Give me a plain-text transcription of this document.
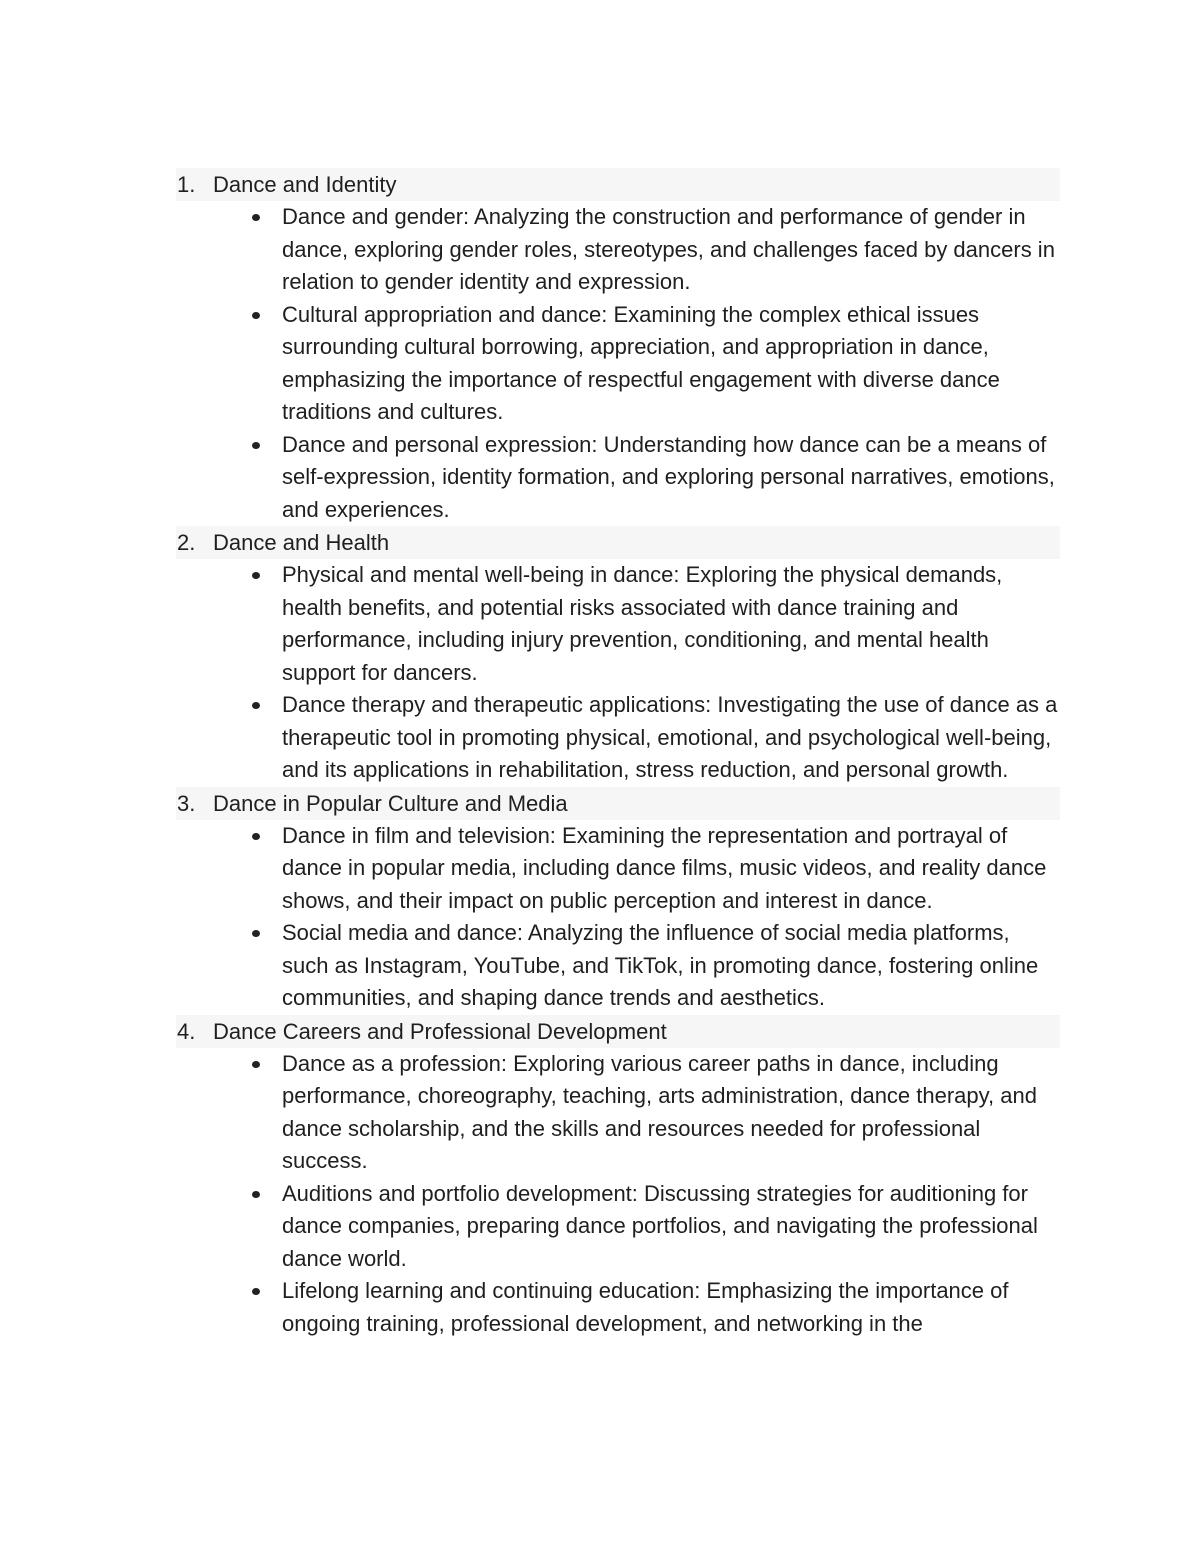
1. Dance and Identity
Dance and gender: Analyzing the construction and performance of gender in dance, exploring gender roles, stereotypes, and challenges faced by dancers in relation to gender identity and expression.
Cultural appropriation and dance: Examining the complex ethical issues surrounding cultural borrowing, appreciation, and appropriation in dance, emphasizing the importance of respectful engagement with diverse dance traditions and cultures.
Dance and personal expression: Understanding how dance can be a means of self-expression, identity formation, and exploring personal narratives, emotions, and experiences.
2. Dance and Health
Physical and mental well-being in dance: Exploring the physical demands, health benefits, and potential risks associated with dance training and performance, including injury prevention, conditioning, and mental health support for dancers.
Dance therapy and therapeutic applications: Investigating the use of dance as a therapeutic tool in promoting physical, emotional, and psychological well-being, and its applications in rehabilitation, stress reduction, and personal growth.
3. Dance in Popular Culture and Media
Dance in film and television: Examining the representation and portrayal of dance in popular media, including dance films, music videos, and reality dance shows, and their impact on public perception and interest in dance.
Social media and dance: Analyzing the influence of social media platforms, such as Instagram, YouTube, and TikTok, in promoting dance, fostering online communities, and shaping dance trends and aesthetics.
4. Dance Careers and Professional Development
Dance as a profession: Exploring various career paths in dance, including performance, choreography, teaching, arts administration, dance therapy, and dance scholarship, and the skills and resources needed for professional success.
Auditions and portfolio development: Discussing strategies for auditioning for dance companies, preparing dance portfolios, and navigating the professional dance world.
Lifelong learning and continuing education: Emphasizing the importance of ongoing training, professional development, and networking in the
